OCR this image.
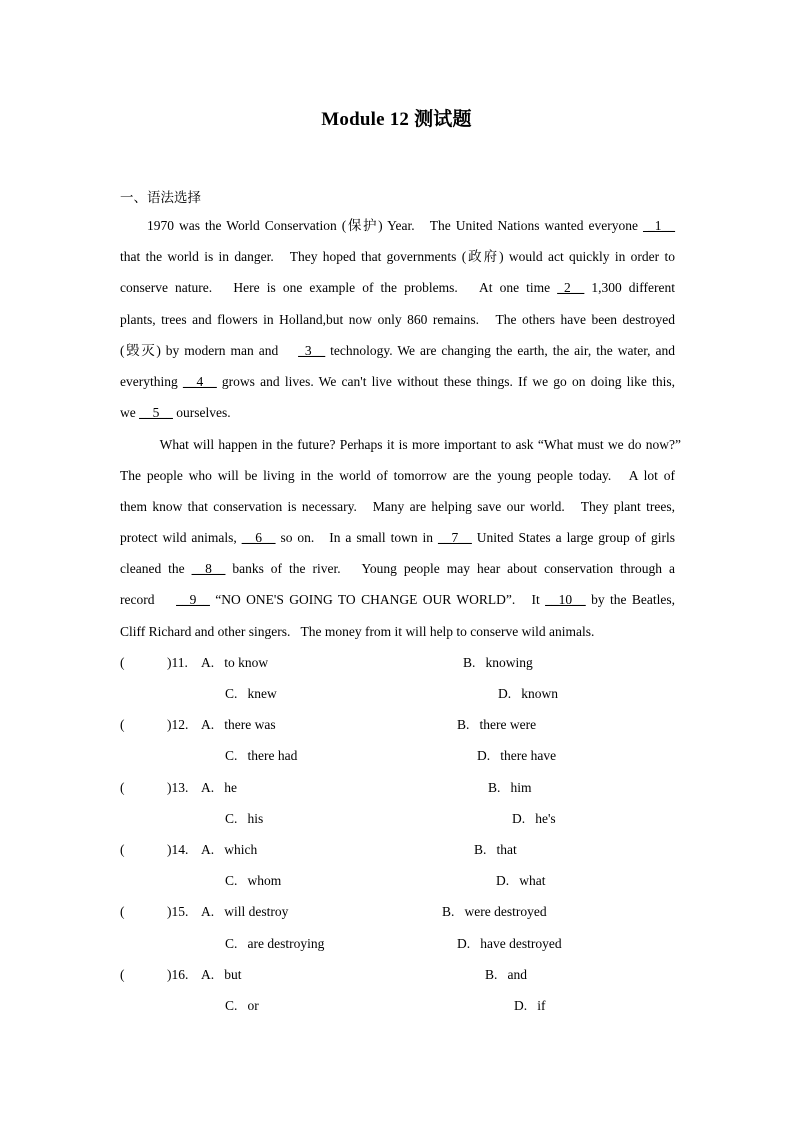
Module 12 测试题
一、语法选择
1970 was the World Conservation (保护) Year.   The United Nations wanted everyone  _1__
that the world is in danger.   They hoped that governments (政府) would act quickly in order to
conserve nature.   Here is one example of the problems.   At one time _2__ 1,300 different
plants, trees and flowers in Holland,but now only 860 remains.   The others have been destroyed
(毁灭) by modern man and    _3__ technology. We are changing the earth, the air, the water, and
everything __4__ grows and lives. We can't live without these things. If we go on doing like this,
we __5__ ourselves.
What will happen in the future? Perhaps it is more important to ask “What must we do now?”
The people who will be living in the world of tomorrow are the young people today.   A lot of
them know that conservation is necessary.   Many are helping save our world.   They plant trees,
protect wild animals, __6__ so on.   In a small town in __7__ United States a large group of girls
cleaned the __8__ banks of the river.   Young people may hear about conservation through a
record    __9__ “NO ONE'S GOING TO CHANGE OUR WORLD”.   It __10__ by the Beatles,
Cliff Richard and other singers.   The money from it will help to conserve wild animals.
(	)11. A. to know	B. knowing
C. knew	D. known
(	)12. A. there was	B. there were
C. there had	D. there have
(	)13. A. he	B. him
C. his	D. he's
(	)14. A. which	B. that
C. whom	D. what
(	)15. A. will destroy	B. were destroyed
C. are destroying	D. have destroyed
(	)16. A. but	B. and
C. or	D. if
